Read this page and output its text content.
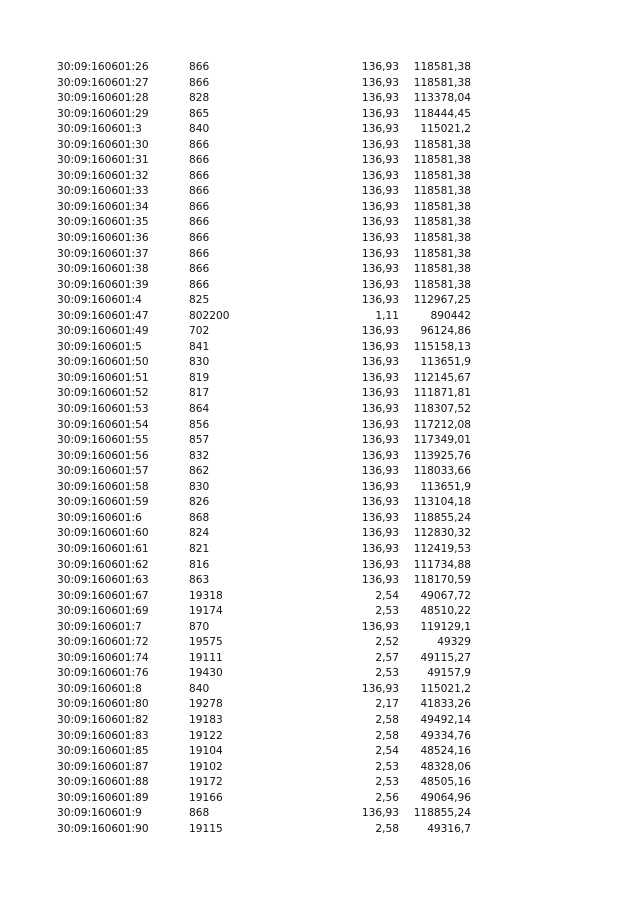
30:09:160601:26	866	136,93 118581,38
30:09:160601:27	866	136,93 118581,38
30:09:160601:28	828	136,93 113378,04
30:09:160601:29	865	136,93 118444,45
30:09:160601:3	840	136,93 115021,2
30:09:160601:30	866	136,93 118581,38
30:09:160601:31	866	136,93 118581,38
30:09:160601:32	866	136,93 118581,38
30:09:160601:33	866	136,93 118581,38
30:09:160601:34	866	136,93 118581,38
30:09:160601:35	866	136,93 118581,38
30:09:160601:36	866	136,93 118581,38
30:09:160601:37	866	136,93 118581,38
30:09:160601:38	866	136,93 118581,38
30:09:160601:39	866	136,93 118581,38
30:09:160601:4	825	136,93 112967,25
30:09:160601:47	802200	1,11	890442
30:09:160601:49	702	136,93 96124,86
30:09:160601:5	841	136,93 115158,13
30:09:160601:50	830	136,93 113651,9
30:09:160601:51	819	136,93 112145,67
30:09:160601:52	817	136,93 111871,81
30:09:160601:53	864	136,93 118307,52
30:09:160601:54	856	136,93 117212,08
30:09:160601:55	857	136,93 117349,01
30:09:160601:56	832	136,93 113925,76
30:09:160601:57	862	136,93 118033,66
30:09:160601:58	830	136,93 113651,9
30:09:160601:59	826	136,93 113104,18
30:09:160601:6	868	136,93 118855,24
30:09:160601:60	824	136,93 112830,32
30:09:160601:61	821	136,93 112419,53
30:09:160601:62	816	136,93 111734,88
30:09:160601:63	863	136,93 118170,59
30:09:160601:67	19318	2,54 49067,72
30:09:160601:69	19174	2,53 48510,22
30:09:160601:7	870	136,93 119129,1
30:09:160601:72	19575	2,52	49329
30:09:160601:74	19111	2,57 49115,27
30:09:160601:76	19430	2,53	49157,9
30:09:160601:8	840	136,93 115021,2
30:09:160601:80	19278	2,17 41833,26
30:09:160601:82	19183	2,58 49492,14
30:09:160601:83	19122	2,58 49334,76
30:09:160601:85	19104	2,54 48524,16
30:09:160601:87	19102	2,53 48328,06
30:09:160601:88	19172	2,53 48505,16
30:09:160601:89	19166	2,56 49064,96
30:09:160601:9	868	136,93 118855,24
30:09:160601:90	19115	2,58	49316,7
